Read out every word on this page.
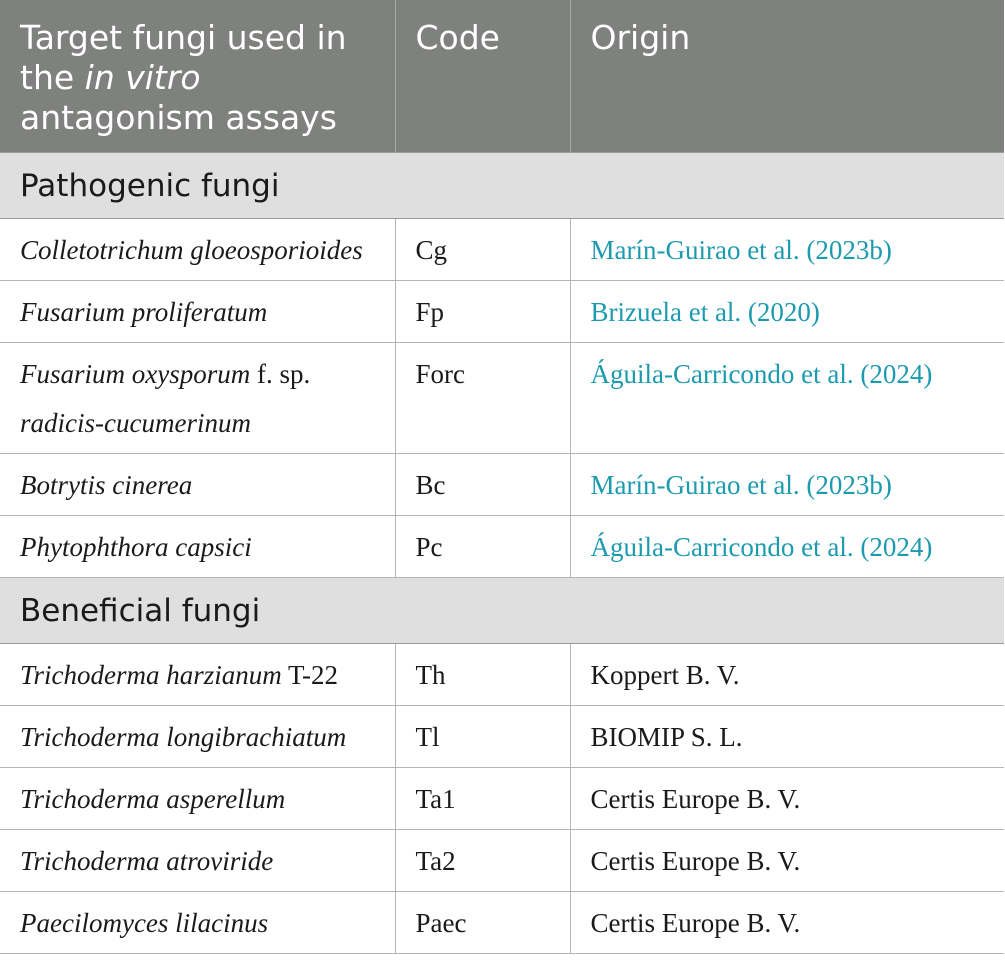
Target fungi used in the in vitro antagonism assays	Code	Origin
Pathogenic fungi		
Colletotrichum gloeosporioides	Cg	Marín-Guirao et al. (2023b)
Fusarium proliferatum	Fp	Brizuela et al. (2020)
Fusarium oxysporum f. sp.
radicis-cucumerinum	Forc	Águila-Carricondo et al. (2024)
Botrytis cinerea	Bc	Marín-Guirao et al. (2023b)
Phytophthora capsici	Pc	Águila-Carricondo et al. (2024)
Beneficial fungi		
Trichoderma harzianum T-22	Th	Koppert B. V.
Trichoderma longibrachiatum	Tl	BIOMIP S. L.
Trichoderma asperellum	Ta1	Certis Europe B. V.
Trichoderma atroviride	Ta2	Certis Europe B. V.
Paecilomyces lilacinus	Paec	Certis Europe B. V.
